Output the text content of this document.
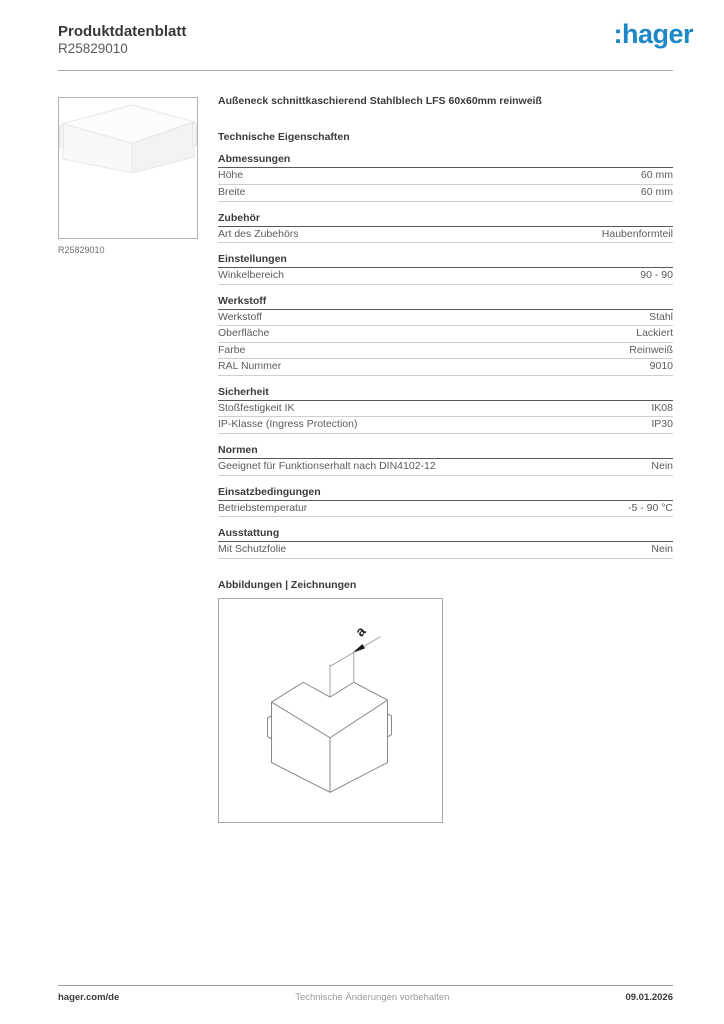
Produktdatenblatt
R25829010	:hager
R25829010
Außeneck schnittkaschierend Stahlblech LFS 60x60mm reinweiß
Technische Eigenschaften
Abmessungen
Höhe	60 mm
Breite	60 mm
Zubehör
Art des Zubehörs	Haubenformteil
Einstellungen
Winkelbereich	90 - 90
Werkstoff
Werkstoff	Stahl
Oberfläche	Lackiert
Farbe	Reinweiß
RAL Nummer	9010
Sicherheit
Stoßfestigkeit IK	IK08
IP-Klasse (Ingress Protection)	IP30
Normen
Geeignet für Funktionserhalt nach DIN4102-12	Nein
Einsatzbedingungen
Betriebstemperatur	-5 - 90 °C
Ausstattung
Mit Schutzfolie	Nein
Abbildungen | Zeichnungen
a
hager.com/de	Technische Änderungen vorbehalten	09.01.2026
